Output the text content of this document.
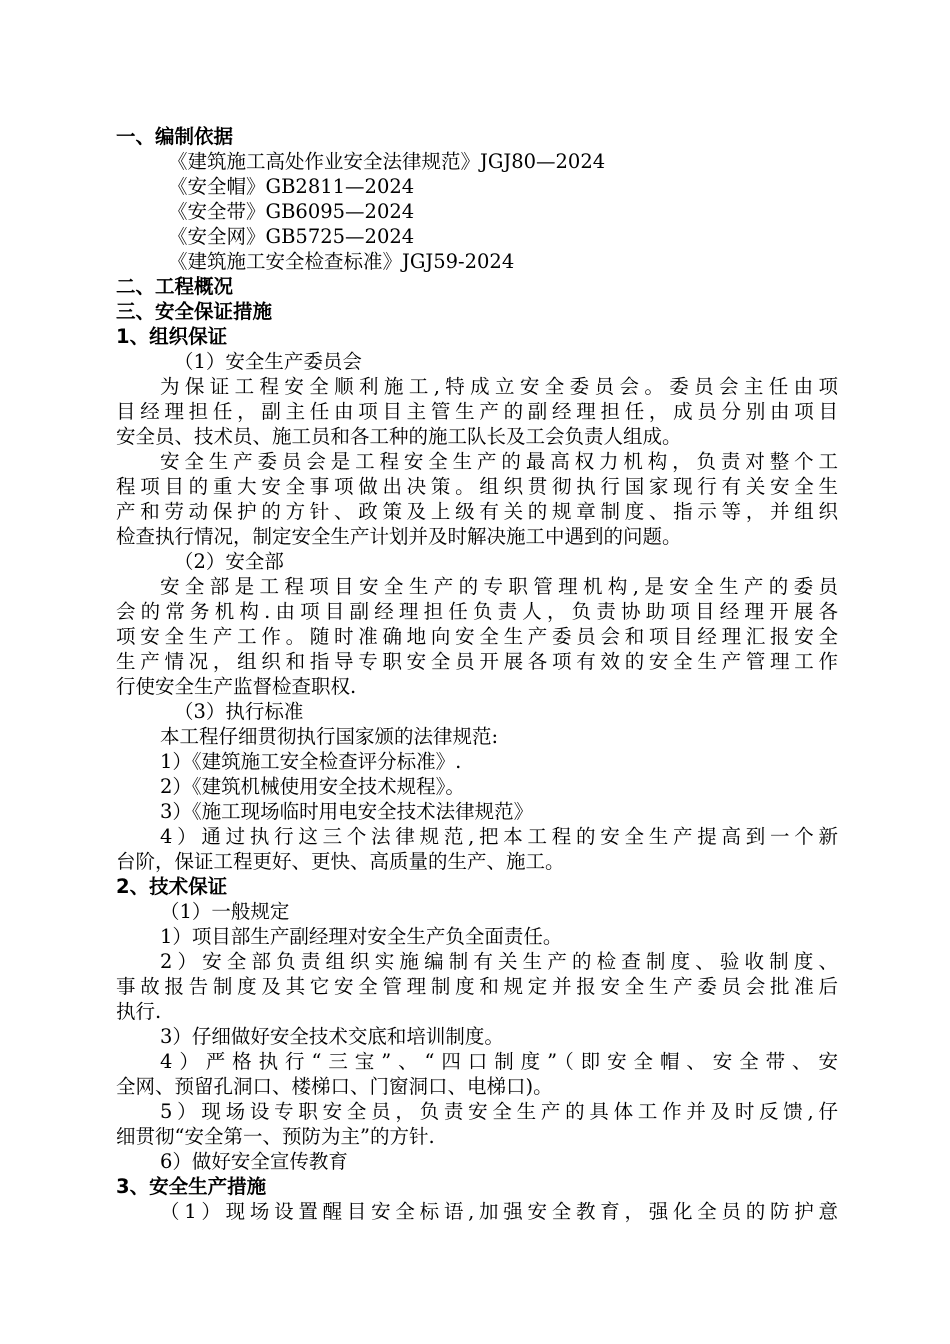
一、编制依据
《建筑施工高处作业安全法律规范》JGJ80—2024
《安全帽》GB2811—2024
《安全带》GB6095—2024
《安全网》GB5725—2024
《建筑施工安全检查标准》JGJ59-2024
二、工程概况
三、安全保证措施
1、组织保证
（1）安全生产委员会
为保证工程安全顺利施工,特成立安全委员会。委员会主任由项
目经理担任，副主任由项目主管生产的副经理担任，成员分别由项目
安全员、技术员、施工员和各工种的施工队长及工会负责人组成。
安全生产委员会是工程安全生产的最高权力机构，负责对整个工
程项目的重大安全事项做出决策。组织贯彻执行国家现行有关安全生
产和劳动保护的方针、政策及上级有关的规章制度、指示等，并组织
检查执行情况，制定安全生产计划并及时解决施工中遇到的问题。
（2）安全部
安全部是工程项目安全生产的专职管理机构,是安全生产的委员
会的常务机构.由项目副经理担任负责人，负责协助项目经理开展各
项安全生产工作。随时准确地向安全生产委员会和项目经理汇报安全
生产情况，组织和指导专职安全员开展各项有效的安全生产管理工作
行使安全生产监督检查职权.
（3）执行标准
本工程仔细贯彻执行国家颁的法律规范:
1）《建筑施工安全检查评分标准》.
2）《建筑机械使用安全技术规程》。
3）《施工现场临时用电安全技术法律规范》
4）通过执行这三个法律规范,把本工程的安全生产提高到一个新
台阶，保证工程更好、更快、高质量的生产、施工。
2、技术保证
（1）一般规定
1）项目部生产副经理对安全生产负全面责任。
2）安全部负责组织实施编制有关生产的检查制度、验收制度、
事故报告制度及其它安全管理制度和规定并报安全生产委员会批准后
执行.
3）仔细做好安全技术交底和培训制度。
4）严格执行“三宝”、“四口制度”（即安全帽、安全带、安
全网、预留孔洞口、楼梯口、门窗洞口、电梯口)。
5）现场设专职安全员，负责安全生产的具体工作并及时反馈,仔
细贯彻“安全第一、预防为主”的方针.
6）做好安全宣传教育
3、安全生产措施
（1）现场设置醒目安全标语,加强安全教育，强化全员的防护意
